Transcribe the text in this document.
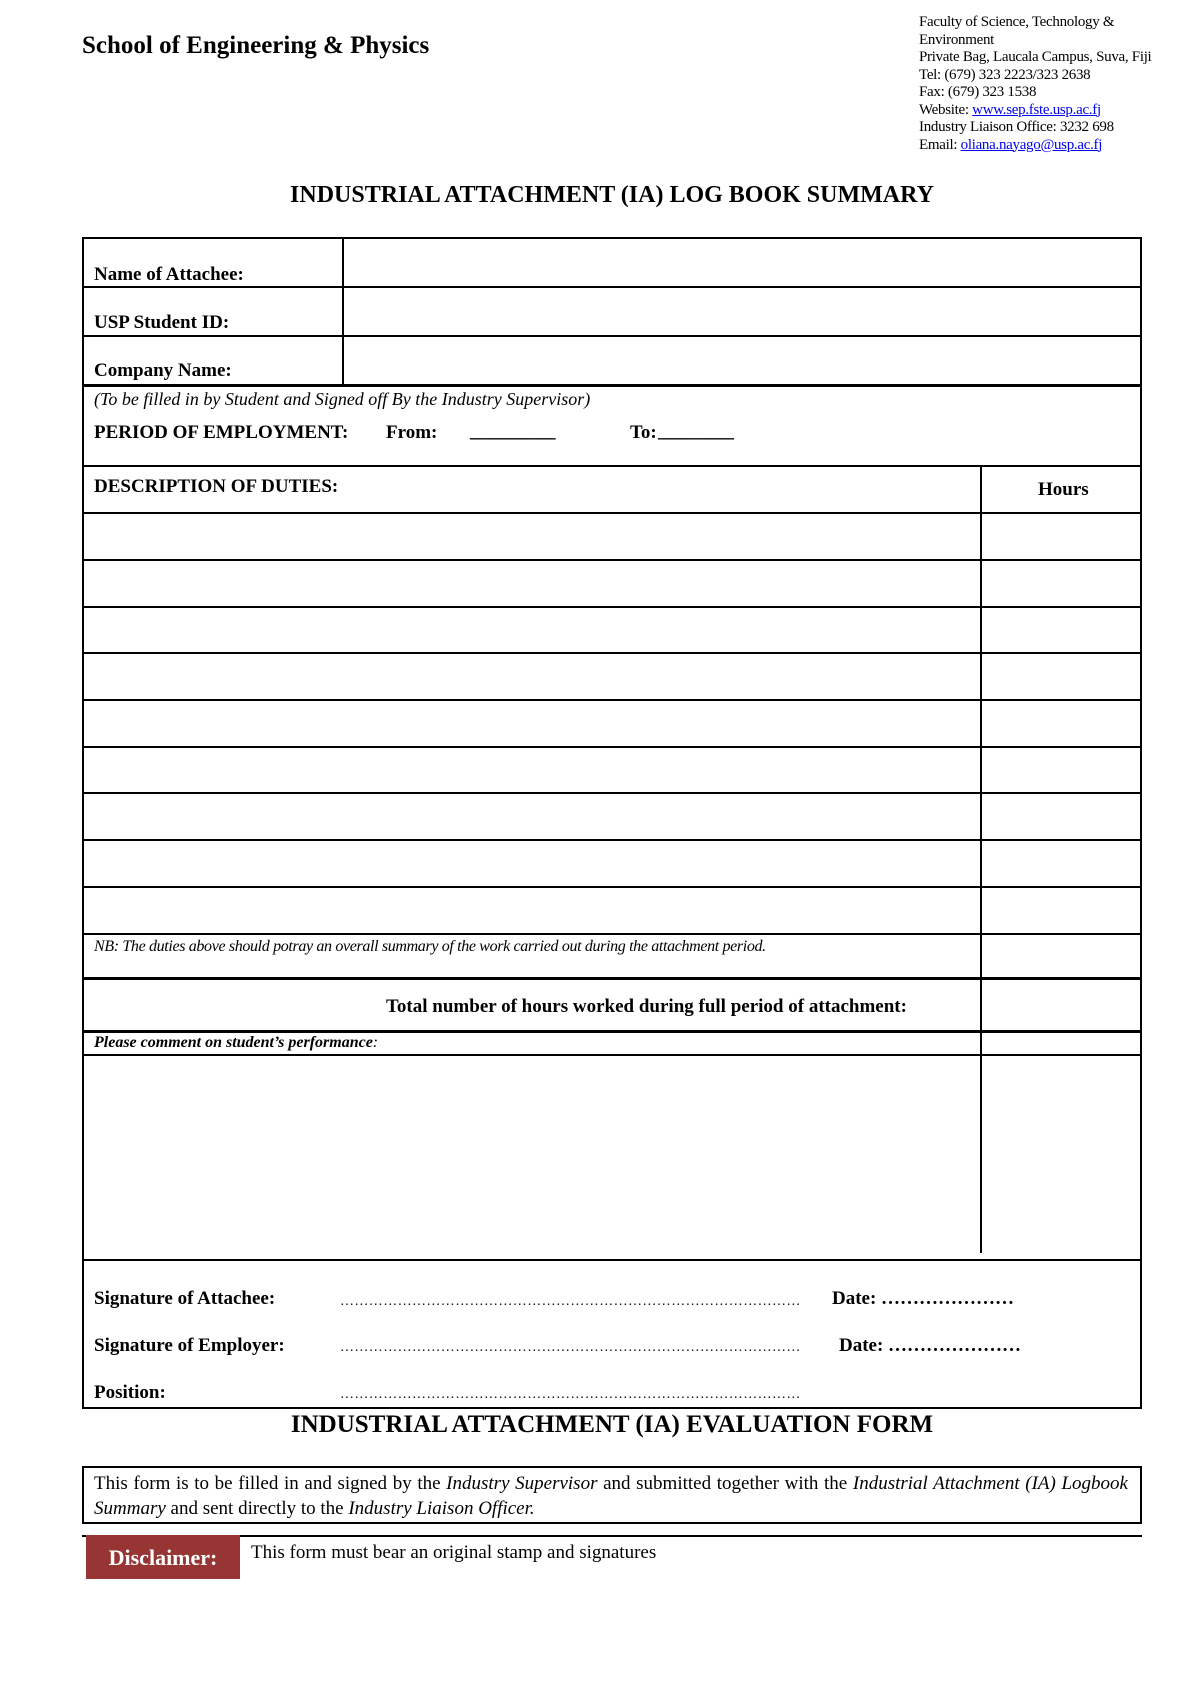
School of Engineering & Physics
Faculty of Science, Technology &
Environment
Private Bag, Laucala Campus, Suva, Fiji
Tel: (679) 323 2223/323 2638
Fax: (679) 323 1538
Website: www.sep.fste.usp.ac.fj
Industry Liaison Office: 3232 698
Email: oliana.nayago@usp.ac.fj
INDUSTRIAL ATTACHMENT (IA) LOG BOOK SUMMARY
Name of Attachee:
USP Student ID:
Company Name:
(To be filled in by Student and Signed off By the Industry Supervisor)
PERIOD OF EMPLOYMENT: From: _________	To: ________
DESCRIPTION OF DUTIES:	Hours
NB: The duties above should potray an overall summary of the work carried out during the attachment period.
Total number of hours worked during full period of attachment:
Please comment on student’s performance:
Signature of Attachee:	……………………………………………………………………………………	Date: …………………
Signature of Employer:	……………………………………………………………………………………	Date: …………………
Position:	……………………………………………………………………………………
INDUSTRIAL ATTACHMENT (IA) EVALUATION FORM
This form is to be filled in and signed by the Industry Supervisor and submitted together with the Industrial Attachment (IA) Logbook Summary and sent directly to the Industry Liaison Officer.
Disclaimer:	This form must bear an original stamp and signatures
